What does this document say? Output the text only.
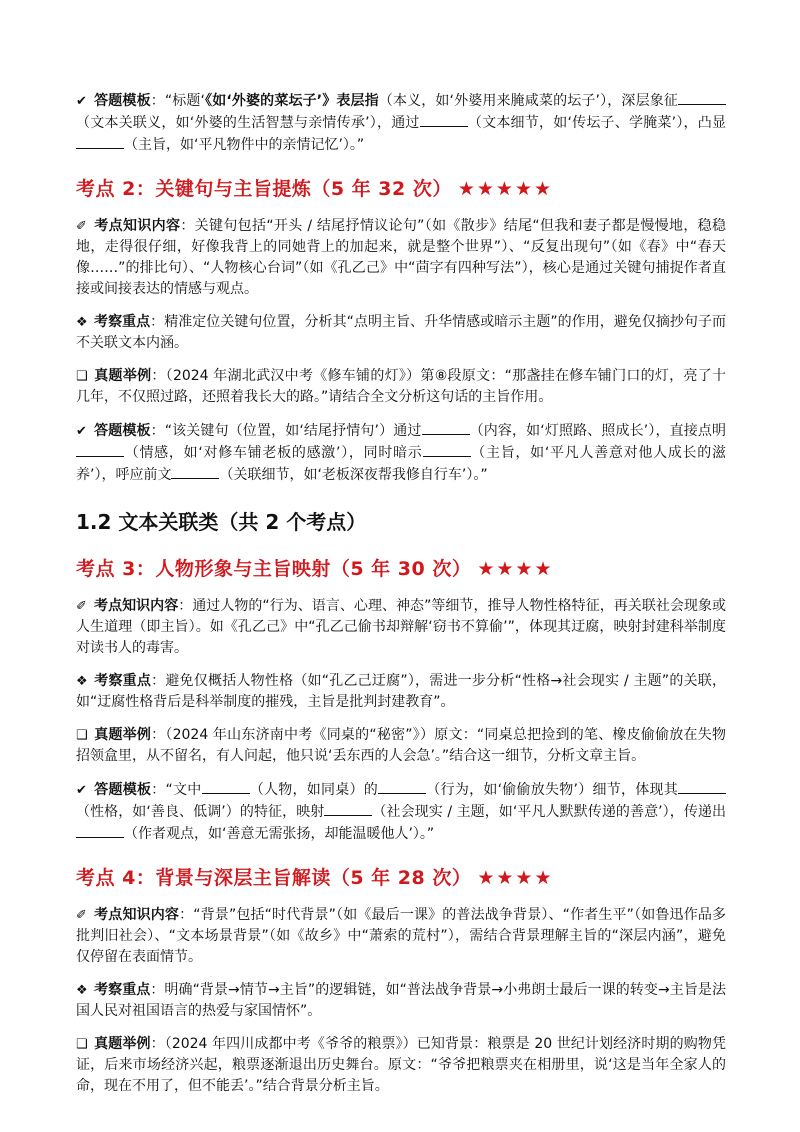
✔ 答题模板：“标题‘《如‘外婆的菜坛子’》表层指（本义，如‘外婆用来腌咸菜的坛子’），深层象征（文本关联义，如‘外婆的生活智慧与亲情传承’），通过	（文本细节，如‘传坛子、学腌菜’），凸显（主旨，如‘平凡物件中的亲情记忆’）。”

考点 2：关键句与主旨提炼（5 年 32 次） ★★★★★

✐ 考点知识内容：关键句包括“开头 / 结尾抒情议论句”（如《散步》结尾“但我和妻子都是慢慢地，稳稳地，走得很仔细，好像我背上的同她背上的加起来，就是整个世界”）、“反复出现句”（如《春》中“春天像……”的排比句）、“人物核心台词”（如《孔乙己》中“茴字有四种写法”），核心是通过关键句捕捉作者直接或间接表达的情感与观点。

❖ 考察重点：精准定位关键句位置，分析其“点明主旨、升华情感或暗示主题”的作用，避免仅摘抄句子而不关联文本内涵。

❑ 真题举例：（2024 年湖北武汉中考《修车铺的灯》）第⑧段原文：“那盏挂在修车铺门口的灯，亮了十几年，不仅照过路，还照着我长大的路。”请结合全文分析这句话的主旨作用。

✔ 答题模板：“该关键句（位置，如‘结尾抒情句’）通过	（内容，如‘灯照路、照成长’），直接点明（情感，如‘对修车铺老板的感激’），同时暗示	（主旨，如‘平凡人善意对他人成长的滋养’），呼应前文	（关联细节，如‘老板深夜帮我修自行车’）。”

1.2 文本关联类（共 2 个考点）
考点 3：人物形象与主旨映射（5 年 30 次） ★★★★

✐ 考点知识内容：通过人物的“行为、语言、心理、神态”等细节，推导人物性格特征，再关联社会现象或人生道理（即主旨）。如《孔乙己》中“孔乙己偷书却辩解‘窃书不算偷’”，体现其迂腐，映射封建科举制度对读书人的毒害。

❖ 考察重点：避免仅概括人物性格（如“孔乙己迂腐”），需进一步分析“性格→社会现实 / 主题”的关联，如“迂腐性格背后是科举制度的摧残，主旨是批判封建教育”。

❑ 真题举例：（2024 年山东济南中考《同桌的“秘密”》）原文：“同桌总把捡到的笔、橡皮偷偷放在失物招领盒里，从不留名，有人问起，他只说‘丢东西的人会急’。”结合这一细节，分析文章主旨。

✔ 答题模板：“文中	（人物，如同桌）的	（行为，如‘偷偷放失物’）细节，体现其（性格，如‘善良、低调’）的特征，映射	（社会现实 / 主题，如‘平凡人默默传递的善意’），传递出（作者观点，如‘善意无需张扬，却能温暖他人’）。”

考点 4：背景与深层主旨解读（5 年 28 次） ★★★★

✐ 考点知识内容：“背景”包括“时代背景”（如《最后一课》的普法战争背景）、“作者生平”（如鲁迅作品多批判旧社会）、“文本场景背景”（如《故乡》中“萧索的荒村”），需结合背景理解主旨的“深层内涵”，避免仅停留在表面情节。

❖ 考察重点：明确“背景→情节→主旨”的逻辑链，如“普法战争背景→小弗朗士最后一课的转变→主旨是法国人民对祖国语言的热爱与家国情怀”。

❑ 真题举例：（2024 年四川成都中考《爷爷的粮票》）已知背景：粮票是 20 世纪计划经济时期的购物凭证，后来市场经济兴起，粮票逐渐退出历史舞台。原文：“爷爷把粮票夹在相册里，说‘这是当年全家人的命，现在不用了，但不能丢’。”结合背景分析主旨。
